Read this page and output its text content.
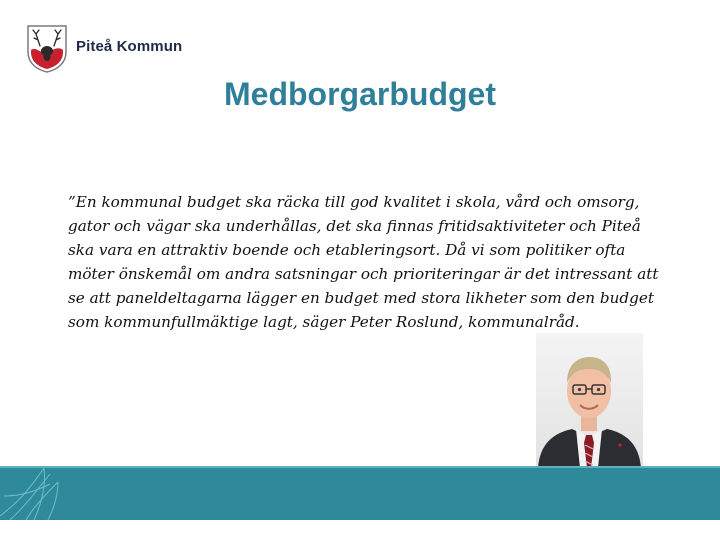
Piteå Kommun
Medborgarbudget

”En kommunal budget ska räcka till god kvalitet i skola, vård och omsorg, gator och vägar ska underhållas, det ska finnas fritidsaktiviteter och Piteå ska vara en attraktiv boende och etableringsort. Då vi som politiker ofta möter önskemål om andra satsningar och prioriteringar är det intressant att se att paneldeltagarna lägger en budget med stora likheter som den budget som kommunfullmäktige lagt, säger Peter Roslund, kommunalråd.
